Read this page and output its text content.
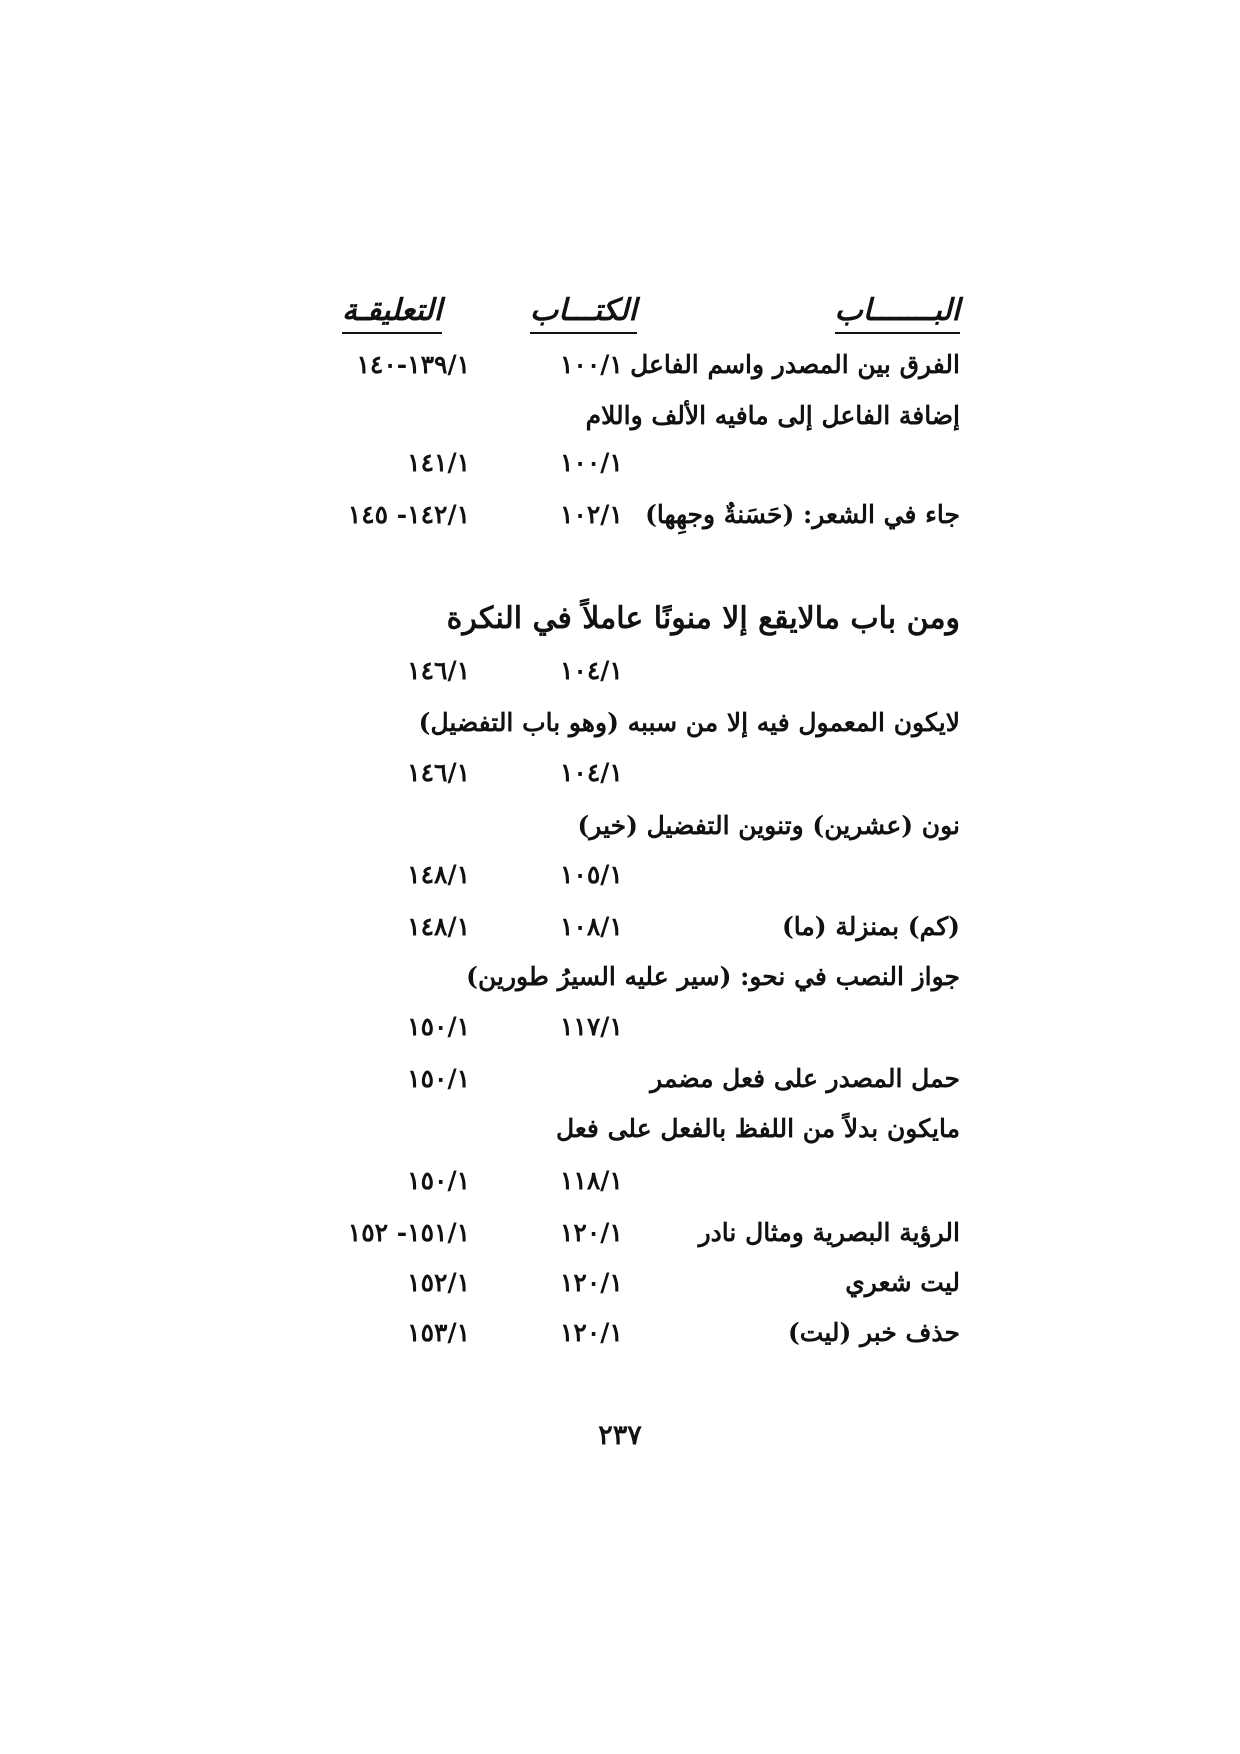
البـــــــاب
الكتـــاب
التعليقـة
الفرق بين المصدر واسم الفاعل
١٠٠/١
١٣٩/١-١٤٠
إضافة الفاعل إلى مافيه الألف واللام
١٠٠/١
١٤١/١
جاء في الشعر: (حَسَنةٌ وجهِها)
١٠٢/١
١٤٢/١- ١٤٥
ومن باب مالايقع إلا منونًا عاملاً في النكرة
١٠٤/١
١٤٦/١
لايكون المعمول فيه إلا من سببه (وهو باب التفضيل)
١٠٤/١
١٤٦/١
نون (عشرين) وتنوين التفضيل (خير)
١٠٥/١
١٤٨/١
(كم) بمنزلة (ما)
١٠٨/١
١٤٨/١
جواز النصب في نحو: (سير عليه السيرُ طورين)
١١٧/١
١٥٠/١
حمل المصدر على فعل مضمر
١٥٠/١
مايكون بدلاً من اللفظ بالفعل على فعل
١١٨/١
١٥٠/١
الرؤية البصرية ومثال نادر
١٢٠/١
١٥١/١- ١٥٢
ليت شعري
١٢٠/١
١٥٢/١
حذف خبر (ليت)
١٢٠/١
١٥٣/١
٢٣٧
